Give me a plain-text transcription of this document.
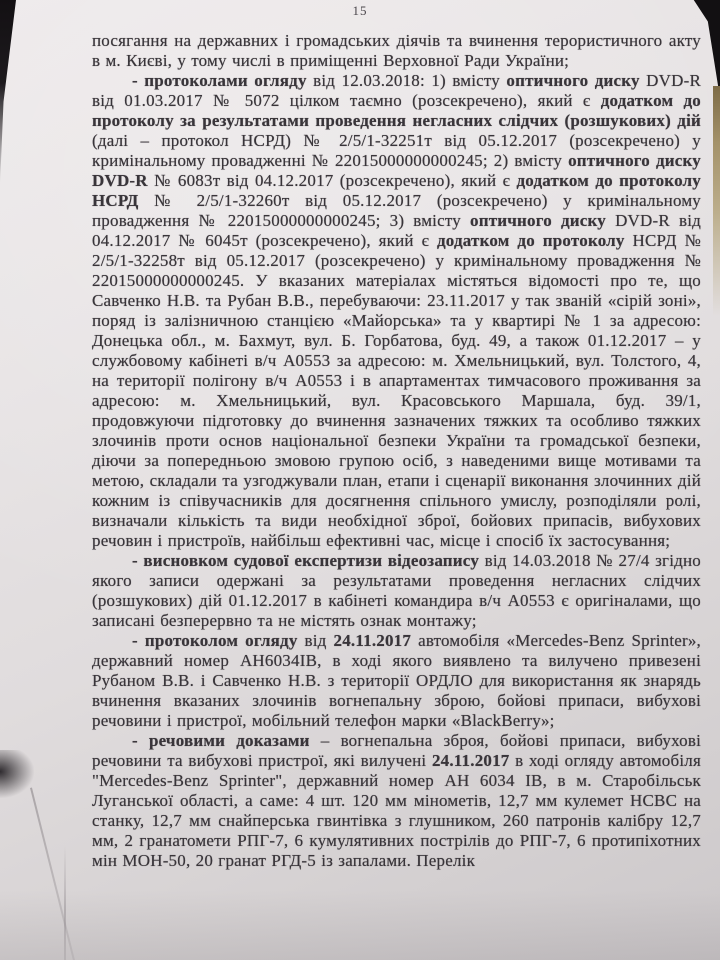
15

посягання на державних і громадських діячів та вчинення терористичного акту в м. Києві, у тому числі в приміщенні Верховної Ради України;

- протоколами огляду від 12.03.2018: 1) вмісту оптичного диску DVD-R від 01.03.2017 № 5072 цілком таємно (розсекречено), який є додатком до протоколу за результатами проведення негласних слідчих (розшукових) дій (далі – протокол НСРД) № 2/5/1-32251т від 05.12.2017 (розсекречено) у кримінальному провадженні № 22015000000000245; 2) вмісту оптичного диску DVD-R № 6083т від 04.12.2017 (розсекречено), який є додатком до протоколу НСРД № 2/5/1-32260т від 05.12.2017 (розсекречено) у кримінальному провадження № 22015000000000245; 3) вмісту оптичного диску DVD-R від 04.12.2017 № 6045т (розсекречено), який є додатком до протоколу НСРД № 2/5/1-32258т від 05.12.2017 (розсекречено) у кримінальному провадження № 22015000000000245. У вказаних матеріалах містяться відомості про те, що Савченко Н.В. та Рубан В.В., перебуваючи: 23.11.2017 у так званій «сірій зоні», поряд із залізничною станцією «Майорська» та у квартирі № 1 за адресою: Донецька обл., м. Бахмут, вул. Б. Горбатова, буд. 49, а також 01.12.2017 – у службовому кабінеті в/ч А0553 за адресою: м. Хмельницький, вул. Толстого, 4, на території полігону в/ч А0553 і в апартаментах тимчасового проживання за адресою: м. Хмельницький, вул. Красовського Маршала, буд. 39/1, продовжуючи підготовку до вчинення зазначених тяжких та особливо тяжких злочинів проти основ національної безпеки України та громадської безпеки, діючи за попередньою змовою групою осіб, з наведеними вище мотивами та метою, складали та узгоджували план, етапи і сценарії виконання злочинних дій кожним із співучасників для досягнення спільного умислу, розподіляли ролі, визначали кількість та види необхідної зброї, бойових припасів, вибухових речовин і пристроїв, найбільш ефективні час, місце і спосіб їх застосування;

- висновком судової експертизи відеозапису від 14.03.2018 № 27/4 згідно якого записи одержані за результатами проведення негласних слідчих (розшукових) дій 01.12.2017 в кабінеті командира в/ч А0553 є оригіналами, що записані безперервно та не містять ознак монтажу;

- протоколом огляду від 24.11.2017 автомобіля «Mercedes-Benz Sprinter», державний номер АН6034ІВ, в ході якого виявлено та вилучено привезені Рубаном В.В. і Савченко Н.В. з території ОРДЛО для використання як знарядь вчинення вказаних злочинів вогнепальну зброю, бойові припаси, вибухові речовини і пристрої, мобільний телефон марки «BlackBerry»;

- речовими доказами – вогнепальна зброя, бойові припаси, вибухові речовини та вибухові пристрої, які вилучені 24.11.2017 в ході огляду автомобіля "Mercedes-Benz Sprinter", державний номер АН 6034 ІВ, в м. Старобільськ Луганської області, а саме: 4 шт. 120 мм мінометів, 12,7 мм кулемет НСВС на станку, 12,7 мм снайперська гвинтівка з глушником, 260 патронів калібру 12,7 мм, 2 гранатомети РПГ-7, 6 кумулятивних пострілів до РПГ-7, 6 протипіхотних мін МОН-50, 20 гранат РГД-5 із запалами. Перелік
